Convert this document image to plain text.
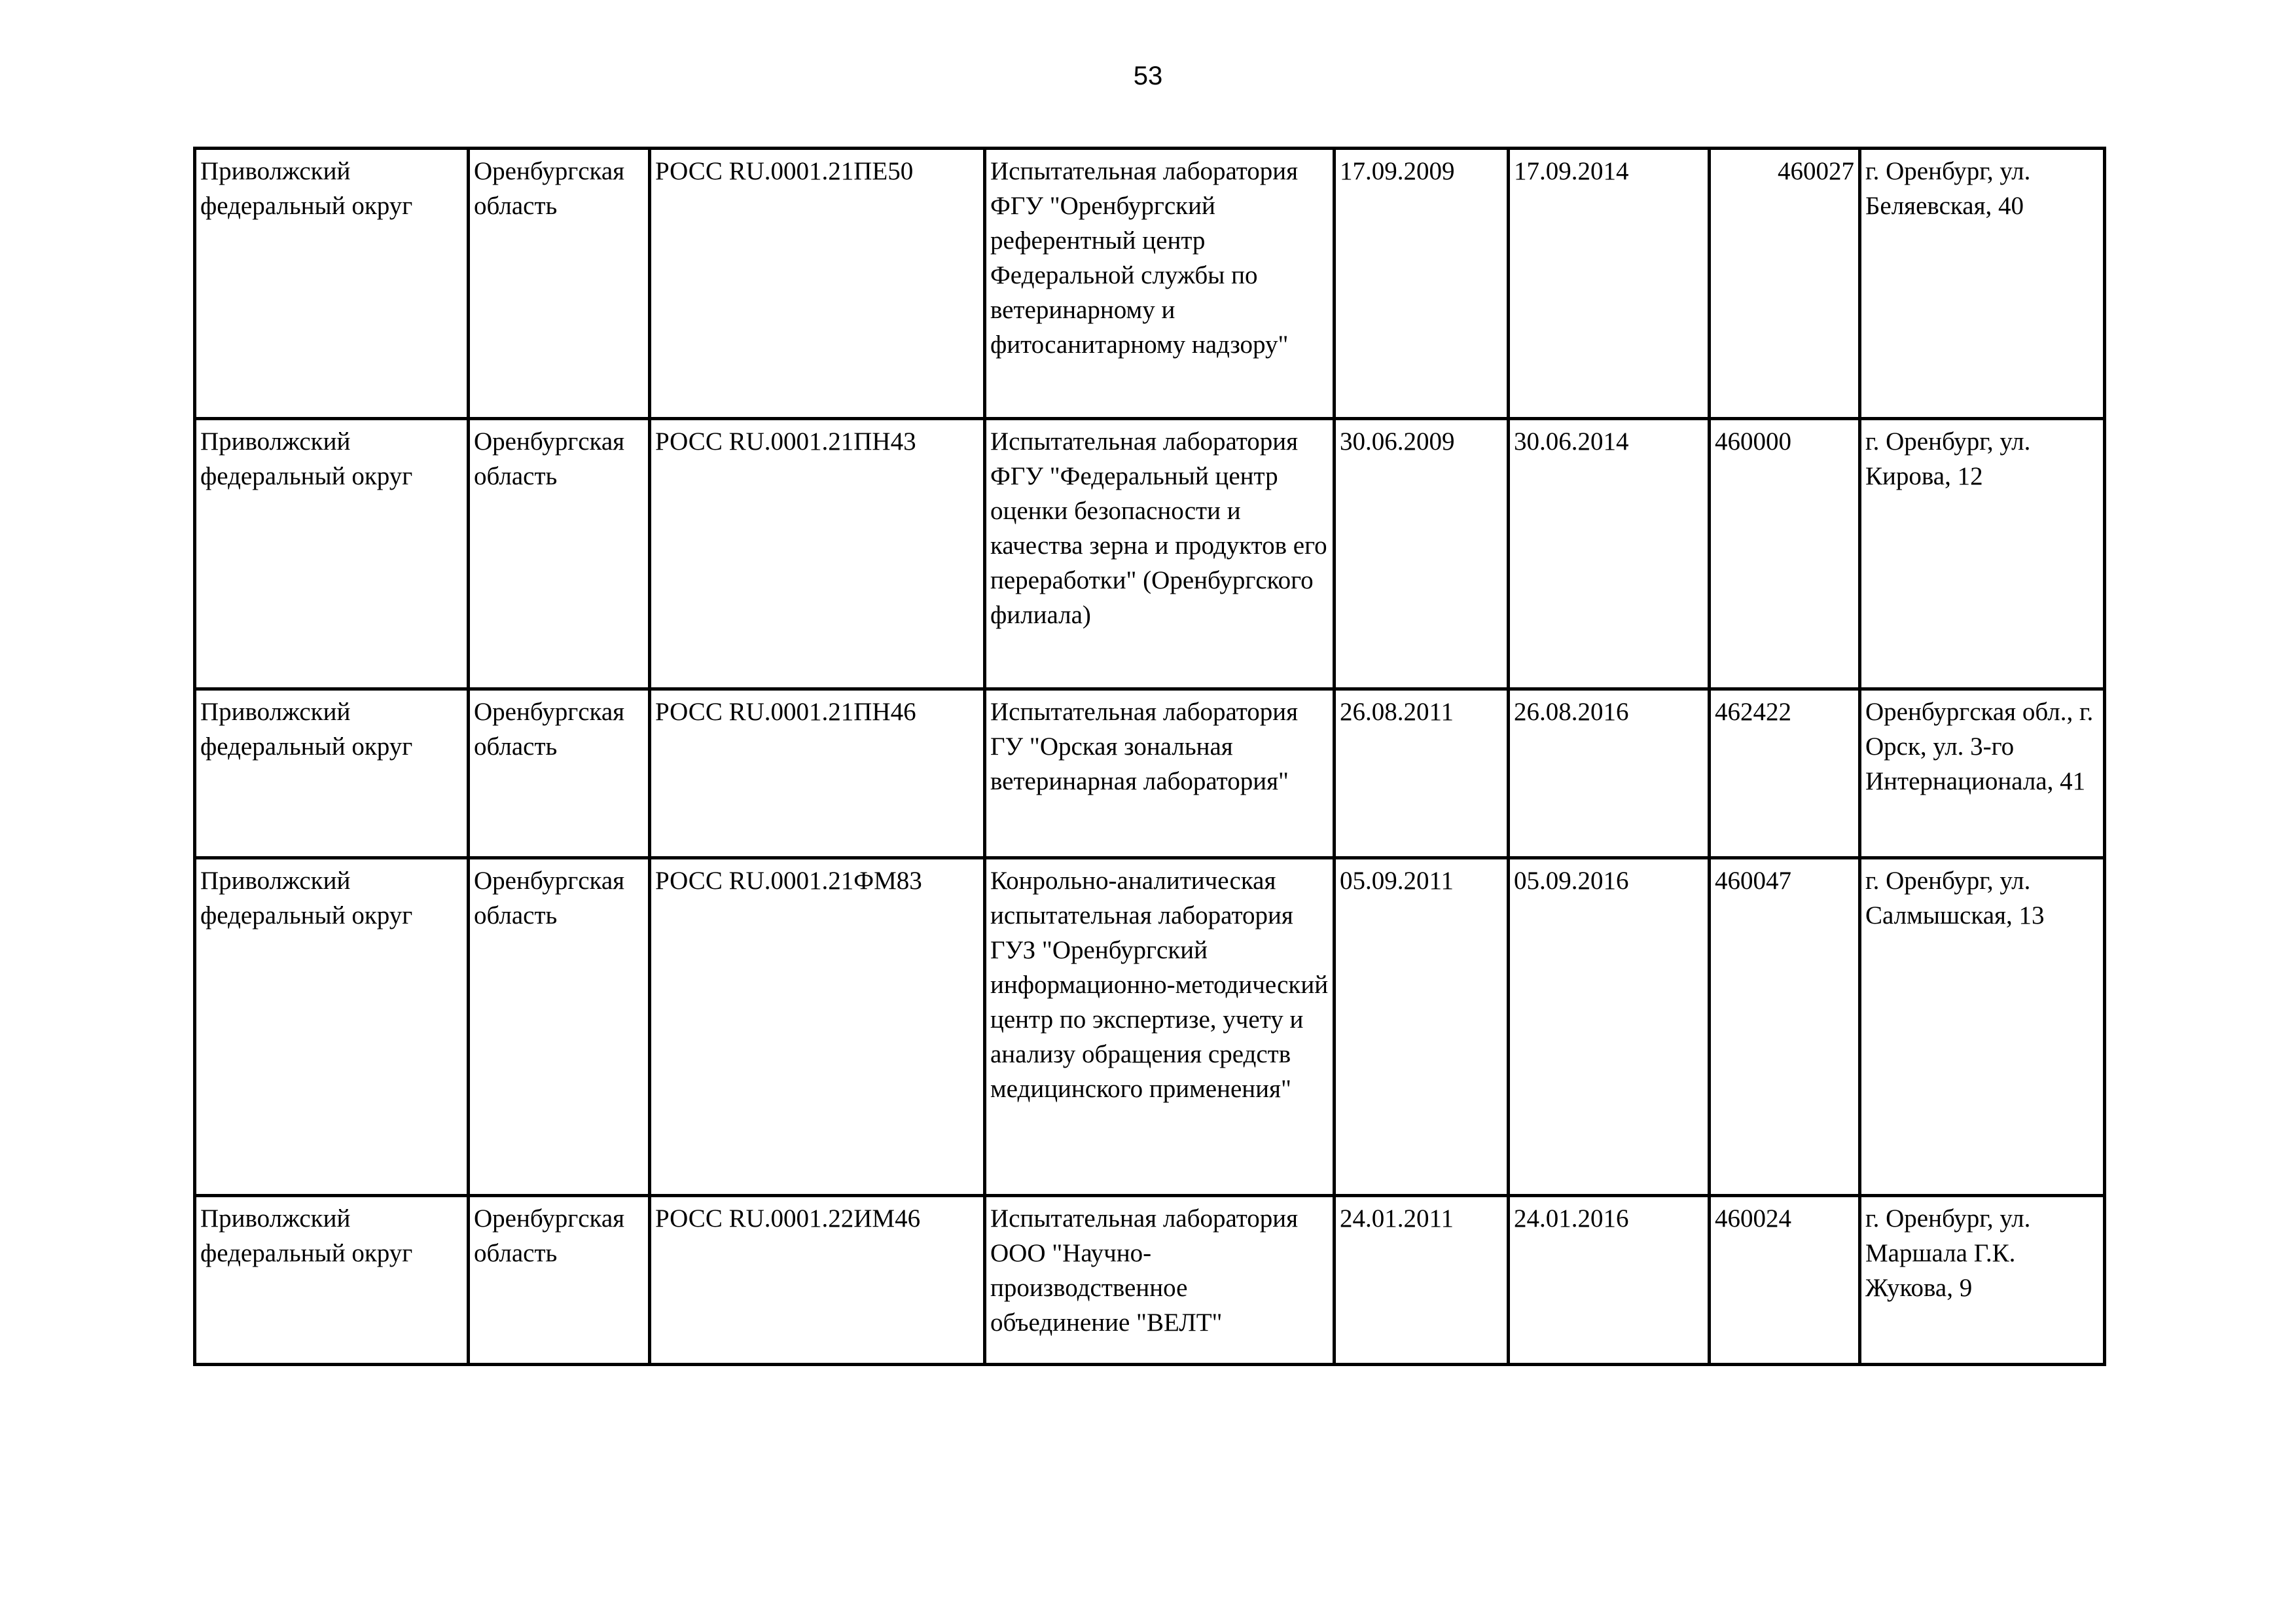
53
Приволжский федеральный округ	Оренбургская область	РОСС RU.0001.21ПЕ50	Испытательная лаборатория ФГУ "Оренбургский референтный центр Федеральной службы по ветеринарному и фитосанитарному надзору"	17.09.2009	17.09.2014	460027	г. Оренбург, ул. Беляевская, 40
Приволжский федеральный округ	Оренбургская область	РОСС RU.0001.21ПН43	Испытательная лаборатория ФГУ "Федеральный центр оценки безопасности и качества зерна и продуктов его переработки" (Оренбургского филиала)	30.06.2009	30.06.2014	460000	г. Оренбург, ул. Кирова, 12
Приволжский федеральный округ	Оренбургская область	РОСС RU.0001.21ПН46	Испытательная лаборатория ГУ "Орская зональная ветеринарная лаборатория"	26.08.2011	26.08.2016	462422	Оренбургская обл., г. Орск, ул. 3-го Интернационала, 41
Приволжский федеральный округ	Оренбургская область	РОСС RU.0001.21ФМ83	Конрольно-аналитическая испытательная лаборатория ГУЗ "Оренбургский информационно-методический центр по экспертизе, учету и анализу обращения средств медицинского применения"	05.09.2011	05.09.2016	460047	г. Оренбург, ул. Салмышская, 13
Приволжский федеральный округ	Оренбургская область	РОСС RU.0001.22ИМ46	Испытательная лаборатория ООО "Научно-производственное объединение "ВЕЛТ"	24.01.2011	24.01.2016	460024	г. Оренбург, ул. Маршала Г.К. Жукова, 9
